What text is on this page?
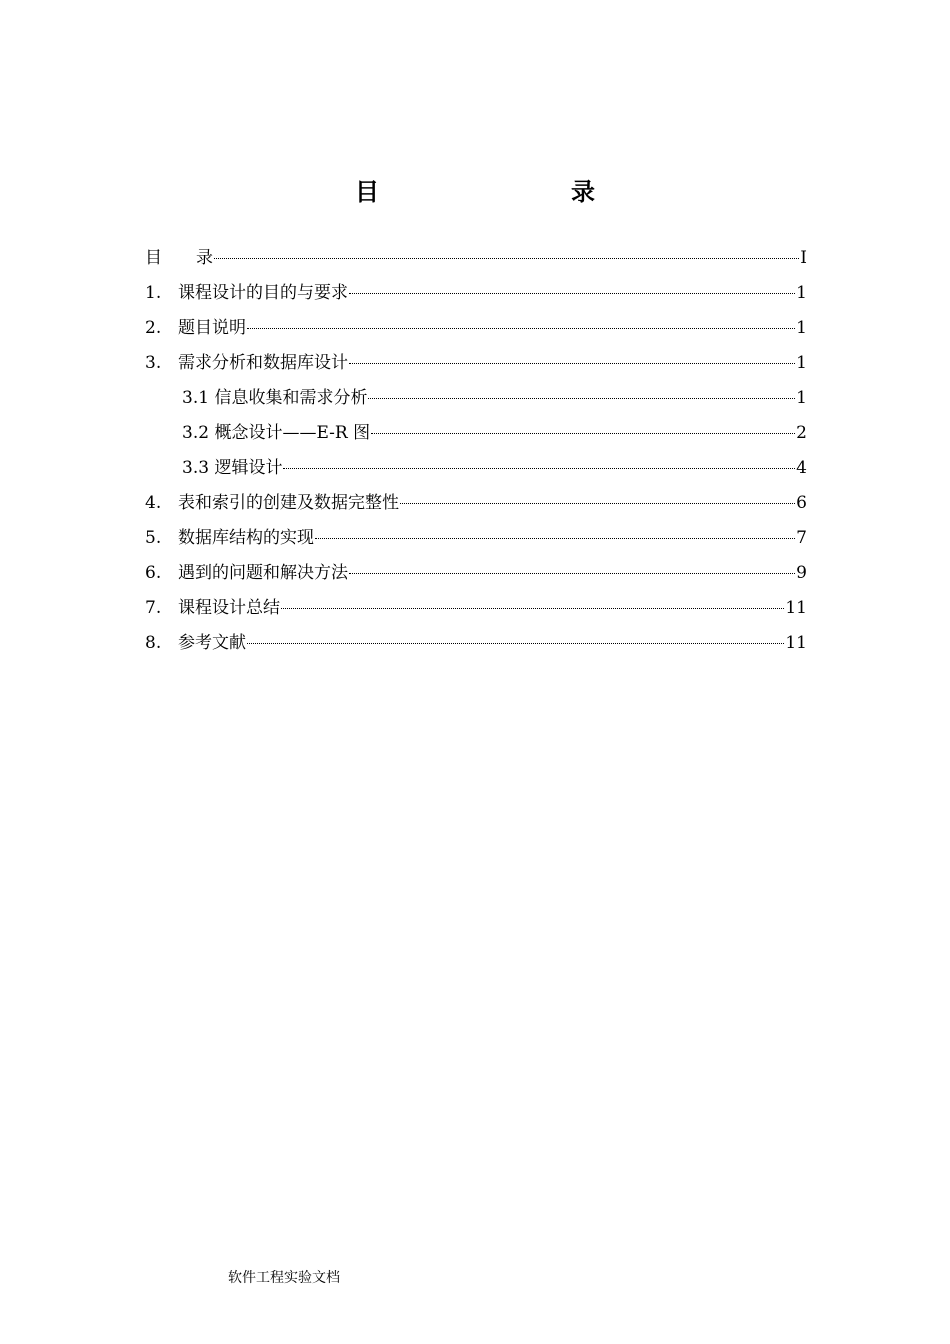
目　　录
目　　录	I
1. 课程设计的目的与要求	1
2. 题目说明	1
3. 需求分析和数据库设计	1
3.1 信息收集和需求分析	1
3.2 概念设计——E-R 图	2
3.3 逻辑设计	4
4. 表和索引的创建及数据完整性	6
5. 数据库结构的实现	7
6. 遇到的问题和解决方法	9
7. 课程设计总结	11
8. 参考文献	11
软件工程实验文档
